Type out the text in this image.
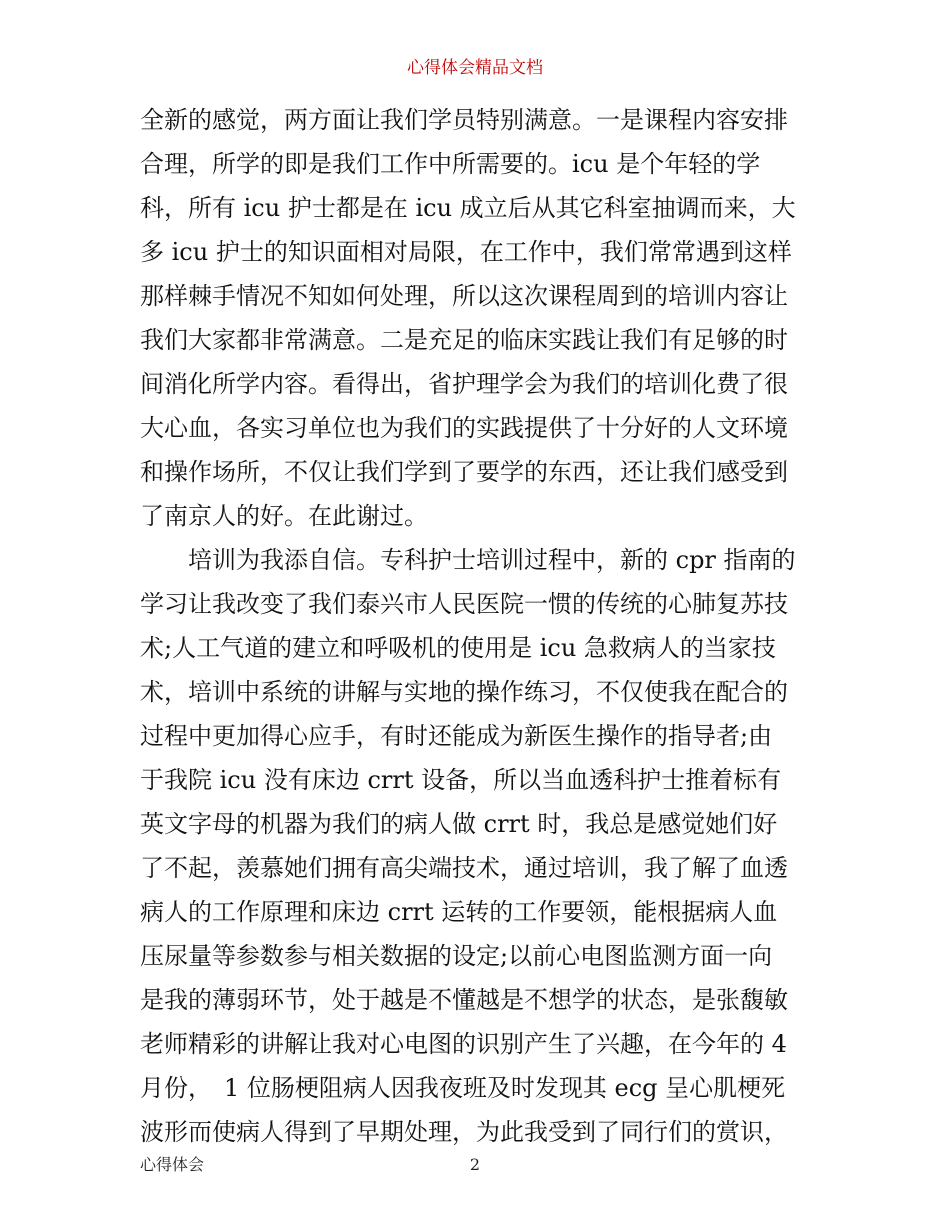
心得体会精品文档
全新的感觉，两方面让我们学员特别满意。一是课程内容安排
合理，所学的即是我们工作中所需要的。icu 是个年轻的学
科，所有 icu 护士都是在 icu 成立后从其它科室抽调而来，大
多 icu 护士的知识面相对局限，在工作中，我们常常遇到这样
那样棘手情况不知如何处理，所以这次课程周到的培训内容让
我们大家都非常满意。二是充足的临床实践让我们有足够的时
间消化所学内容。看得出，省护理学会为我们的培训化费了很
大心血，各实习单位也为我们的实践提供了十分好的人文环境
和操作场所，不仅让我们学到了要学的东西，还让我们感受到
了南京人的好。在此谢过。
　　培训为我添自信。专科护士培训过程中，新的 cpr 指南的
学习让我改变了我们泰兴市人民医院一惯的传统的心肺复苏技
术;人工气道的建立和呼吸机的使用是 icu 急救病人的当家技
术，培训中系统的讲解与实地的操作练习，不仅使我在配合的
过程中更加得心应手，有时还能成为新医生操作的指导者;由
于我院 icu 没有床边 crrt 设备，所以当血透科护士推着标有
英文字母的机器为我们的病人做 crrt 时，我总是感觉她们好
了不起，羡慕她们拥有高尖端技术，通过培训，我了解了血透
病人的工作原理和床边 crrt 运转的工作要领，能根据病人血
压尿量等参数参与相关数据的设定;以前心电图监测方面一向
是我的薄弱环节，处于越是不懂越是不想学的状态，是张馥敏
老师精彩的讲解让我对心电图的识别产生了兴趣，在今年的 4
月份，　1 位肠梗阻病人因我夜班及时发现其 ecg 呈心肌梗死
波形而使病人得到了早期处理，为此我受到了同行们的赏识，
心得体会	2
